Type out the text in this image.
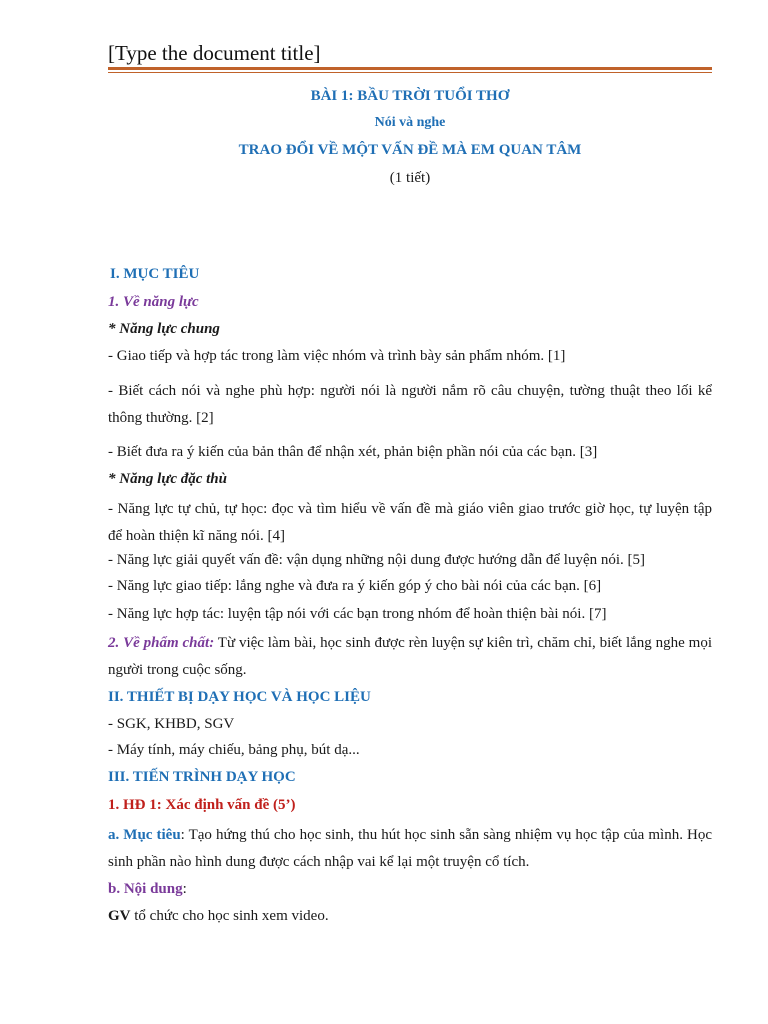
[Type the document title]
BÀI 1: BẦU TRỜI TUỔI THƠ
Nói và nghe
TRAO ĐỔI VỀ MỘT VẤN ĐỀ MÀ EM QUAN TÂM
(1 tiết)
I. MỤC TIÊU
1. Về năng lực
* Năng lực chung
- Giao tiếp và hợp tác trong làm việc nhóm và trình bày sản phẩm nhóm. [1]
- Biết cách nói và nghe phù hợp: người nói là người nắm rõ câu chuyện, tường thuật theo lối kể thông thường. [2]
- Biết đưa ra ý kiến của bản thân để nhận xét, phản biện phần nói của các bạn. [3]
* Năng lực đặc thù
- Năng lực tự chủ, tự học: đọc và tìm hiểu về vấn đề mà giáo viên giao trước giờ học, tự luyện tập để hoàn thiện kĩ năng nói. [4]
- Năng lực giải quyết vấn đề: vận dụng những nội dung được hướng dẫn để luyện nói. [5]
- Năng lực giao tiếp: lắng nghe và đưa ra ý kiến góp ý cho bài nói của các bạn. [6]
- Năng lực hợp tác: luyện tập nói với các bạn trong nhóm để hoàn thiện bài nói. [7]
2. Về phẩm chất: Từ việc làm bài, học sinh được rèn luyện sự kiên trì, chăm chỉ, biết lắng nghe mọi người trong cuộc sống.
II. THIẾT BỊ DẠY HỌC VÀ HỌC LIỆU
- SGK, KHBD, SGV
- Máy tính, máy chiếu, bảng phụ, bút dạ...
III. TIẾN TRÌNH DẠY HỌC
1. HĐ 1: Xác định vấn đề (5’)
a. Mục tiêu: Tạo hứng thú cho học sinh, thu hút học sinh sẵn sàng nhiệm vụ học tập của mình. Học sinh phần nào hình dung được cách nhập vai kể lại một truyện cổ tích.
b. Nội dung:
GV tổ chức cho học sinh xem video.
